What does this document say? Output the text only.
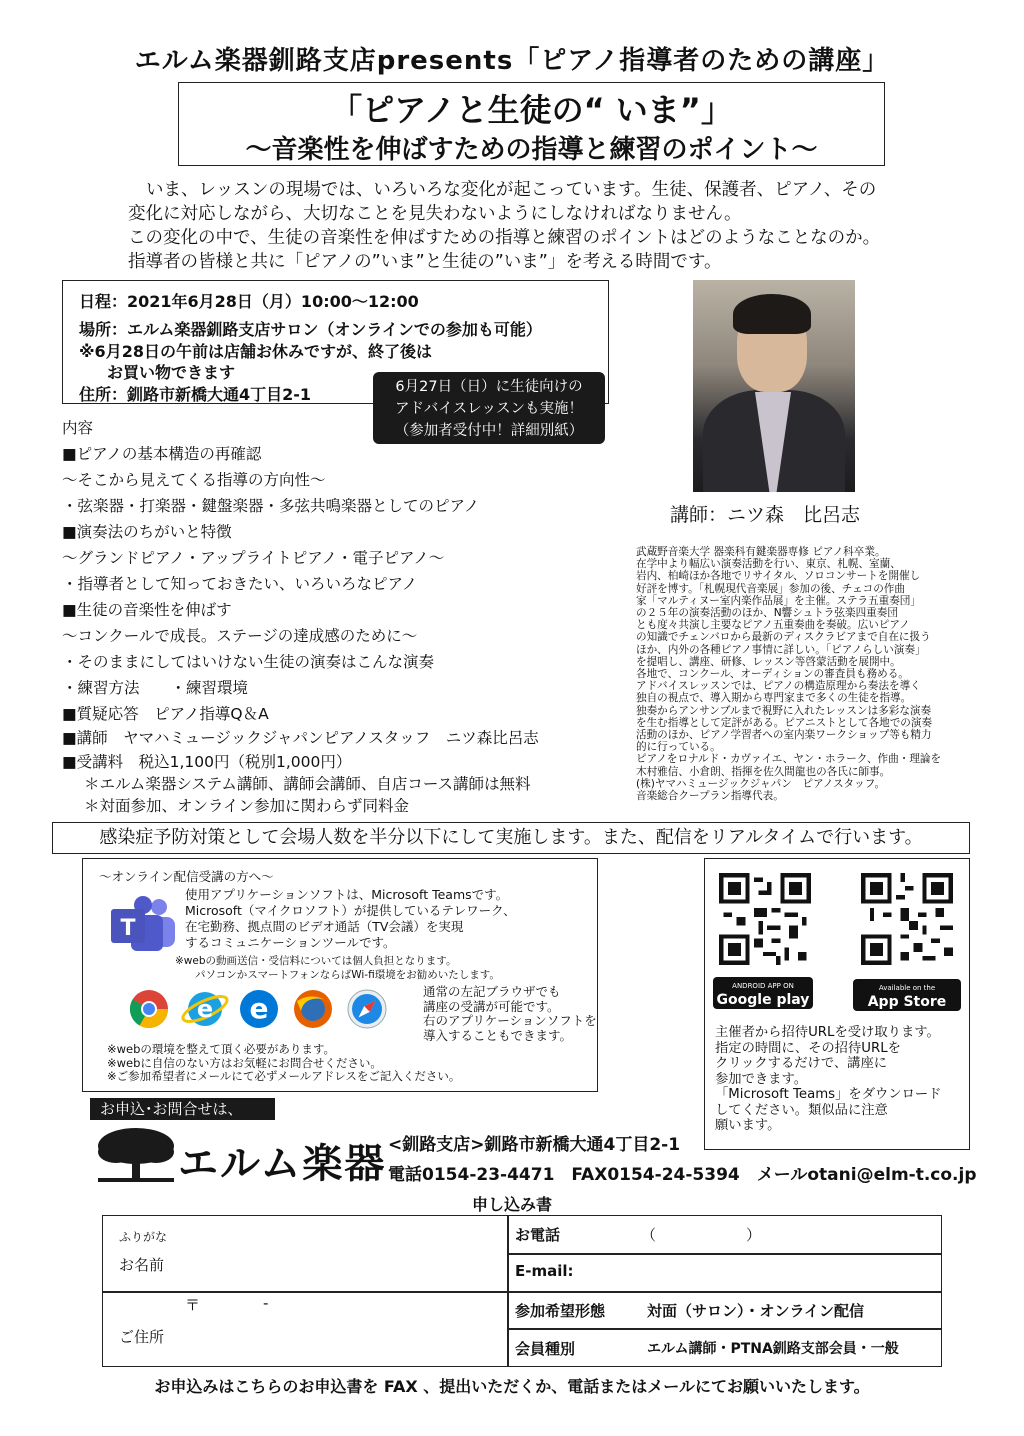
エルム楽器釧路支店presents「ピアノ指導者のための講座」
「ピアノと生徒の“ いま”」
～音楽性を伸ばすための指導と練習のポイント～

いま、レッスンの現場では、いろいろな変化が起こっています。生徒、保護者、ピアノ、その

変化に対応しながら、大切なことを見失わないようにしなければなりません。

この変化の中で、生徒の音楽性を伸ばすための指導と練習のポイントはどのようなことなのか。

指導者の皆様と共に「ピアノの”いま”と生徒の”いま”」を考える時間です。

日程：2021年6月28日（月）10:00～12:00
場所：エルム楽器釧路支店サロン（オンラインでの参加も可能）
※6月28日の午前は店舗お休みですが、終了後は
お買い物できます
住所：釧路市新橋大通4丁目2-1	6月27日（日）に生徒向けの
アドバイスレッスンも実施！
（参加者受付中！詳細別紙）
講師：ニツ森　比呂志
内容
■ピアノの基本構造の再確認
～そこから見えてくる指導の方向性～
・弦楽器・打楽器・鍵盤楽器・多弦共鳴楽器としてのピアノ
■演奏法のちがいと特徴
～グランドピアノ・アップライトピアノ・電子ピアノ～
・指導者として知っておきたい、いろいろなピアノ
■生徒の音楽性を伸ばす
～コンクールで成長。ステージの達成感のために～
・そのままにしてはいけない生徒の演奏はこんな演奏
・練習方法　　・練習環境
■質疑応答　ピアノ指導Q＆A
■講師　ヤマハミュージックジャパンピアノスタッフ　ニツ森比呂志
■受講料　税込1,100円（税別1,000円）
＊エルム楽器システム講師、講師会講師、自店コース講師は無料
＊対面参加、オンライン参加に関わらず同料金
武蔵野音楽大学 器楽科有鍵楽器専修 ピアノ科卒業。
在学中より幅広い演奏活動を行い、東京、札幌、室蘭、
岩内、柏崎ほか各地でリサイタル、ソロコンサートを開催し
好評を博す。「札幌現代音楽展」参加の後、チェコの作曲
家「マルティヌー室内楽作品展」を主催。ステラ五重奏団」
の２５年の演奏活動のほか、N響シュトラ弦楽四重奏団
とも度々共演し主要なピアノ五重奏曲を奏破。広いピアノ
の知識でチェンバロから最新のディスクラビアまで自在に扱う
ほか、内外の各種ピアノ事情に詳しい。「ピアノらしい演奏」
を提唱し、講座、研修、レッスン等啓蒙活動を展開中。
各地で、コンクール、オーディションの審査員も務める。
アドバイスレッスンでは、ピアノの構造原理から奏法を導く
独自の視点で、導入期から専門家まで多くの生徒を指導。
独奏からアンサンブルまで視野に入れたレッスンは多彩な演奏
を生む指導として定評がある。ピアニストとして各地での演奏
活動のほか、ピアノ学習者への室内楽ワークショップ等も精力
的に行っている。
ピアノをロナルド・カヴァイエ、ヤン・ホラーク、作曲・理論を
木村雅信、小倉朗、指揮を佐久間龍也の各氏に師事。
(株)ヤマハミュージックジャパン　ピアノスタッフ。
音楽総合クープラン指導代表。
感染症予防対策として会場人数を半分以下にして実施します。また、配信をリアルタイムで行います。
～オンライン配信受講の方へ～
T
使用アプリケーションソフトは、Microsoft Teamsです。
Microsoft（マイクロソフト）が提供しているテレワーク、
在宅勤務、拠点間のビデオ通話（TV会議）を実現
するコミュニケーションツールです。
※webの動画送信・受信料については個人負担となります。
パソコンかスマートフォンならばWi-fi環境をお勧めいたします。
e e
通常の左記ブラウザでも
講座の受講が可能です。
右のアプリケーションソフトを
導入することもできます。
※webの環境を整えて頂く必要があります。
※webに自信のない方はお気軽にお問合せください。
※ご参加希望者にメールにて必ずメールアドレスをご記入ください。
ANDROID APP ON
Google play
Available on the
App Store
主催者から招待URLを受け取ります。
指定の時間に、その招待URLを
クリックするだけで、講座に
参加できます。
「Microsoft Teams」をダウンロード
してください。類似品に注意
願います。
お申込･お問合せは、
エルム楽器 <釧路支店>釧路市新橋大通4丁目2-1
電話0154-23-4471　FAX0154-24-5394　メールotani@elm-t.co.jp
申し込み書
ふりがな
お名前
〒	-
ご住所
お電話	（　　　　　　）
E-mail:
参加希望形態	対面（サロン）・オンライン配信
会員種別	エルム講師・PTNA釧路支部会員・一般
お申込みはこちらのお申込書を FAX 、提出いただくか、電話またはメールにてお願いいたします。
